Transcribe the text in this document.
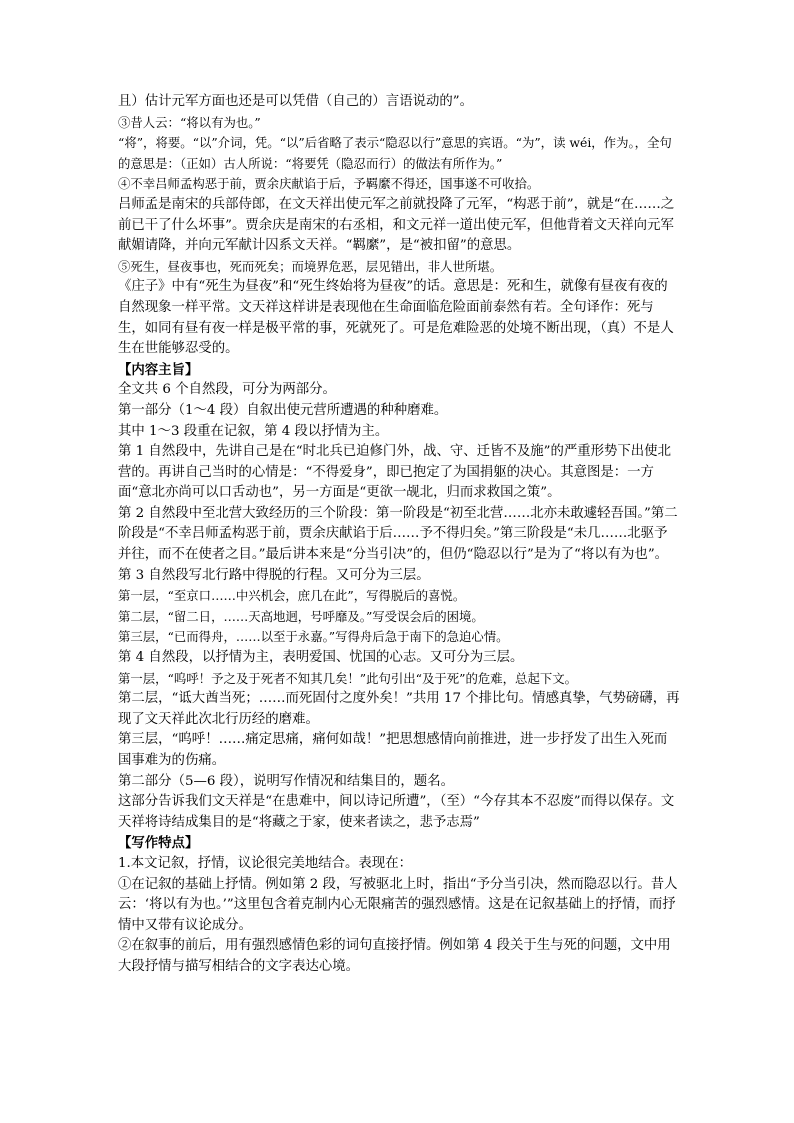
且）估计元军方面也还是可以凭借（自己的）言语说动的”。

③昔人云：“将以有为也。”

“将”，将要。“以”介词，凭。“以”后省略了表示“隐忍以行”意思的宾语。“为”，读 wéi，作为。，全句的意思是：（正如）古人所说：“将要凭（隐忍而行）的做法有所作为。”

④不幸吕师孟构恶于前，贾余庆献谄于后，予羁縻不得还，国事遂不可收拾。

吕师孟是南宋的兵部侍郎，在文天祥出使元军之前就投降了元军，“构恶于前”，就是“在……之前已干了什么坏事”。贾余庆是南宋的右丞相，和文元祥一道出使元军，但他背着文天祥向元军献媚请降，并向元军献计囚系文天祥。“羁縻”，是“被扣留”的意思。

⑤死生，昼夜事也，死而死矣；而境界危恶，层见错出，非人世所堪。

《庄子》中有“死生为昼夜”和“死生终始将为昼夜”的话。意思是：死和生，就像有昼夜有夜的自然现象一样平常。文天祥这样讲是表现他在生命面临危险面前泰然有若。全句译作：死与生，如同有昼有夜一样是极平常的事，死就死了。可是危难险恶的处境不断出现，（真）不是人生在世能够忍受的。

【内容主旨】

全文共 6 个自然段，可分为两部分。

第一部分（1～4 段）自叙出使元营所遭遇的种种磨难。

其中 1～3 段重在记叙，第 4 段以抒情为主。

第 1 自然段中，先讲自己是在“时北兵已迫修门外，战、守、迁皆不及施”的严重形势下出使北营的。再讲自己当时的心情是：“不得爱身”，即已抱定了为国捐躯的决心。其意图是：一方面“意北亦尚可以口舌动也”，另一方面是“更欲一觇北，归而求救国之策”。

第 2 自然段中至北营大致经历的三个阶段：第一阶段是“初至北营……北亦未敢遽轻吾国。”第二阶段是“不幸吕师孟构恶于前，贾余庆献谄于后……予不得归矣。”第三阶段是“未几……北驱予并往，而不在使者之目。”最后讲本来是“分当引决”的，但仍“隐忍以行”是为了“将以有为也”。

第 3 自然段写北行路中得脱的行程。又可分为三层。

第一层，“至京口……中兴机会，庶几在此”，写得脱后的喜悦。

第二层，“留二日，……天高地迥，号呼靡及。”写受误会后的困境。

第三层，“已而得舟，……以至于永嘉。”写得舟后急于南下的急迫心情。

第 4 自然段，以抒情为主，表明爱国、忧国的心志。又可分为三层。

第一层，“呜呼！予之及于死者不知其几矣！”此句引出“及于死”的危难，总起下文。

第二层，“诋大酋当死；……而死固付之度外矣！”共用 17 个排比句。情感真挚，气势磅礴，再现了文天祥此次北行历经的磨难。

第三层，“呜呼！……痛定思痛，痛何如哉！”把思想感情向前推进，进一步抒发了出生入死而国事难为的伤痛。

第二部分（5—6 段），说明写作情况和结集目的，题名。

这部分告诉我们文天祥是“在患难中，间以诗记所遭”，（至）“今存其本不忍废”而得以保存。文天祥将诗结成集目的是“将藏之于家，使来者读之，悲予志焉”

【写作特点】

1.本文记叙，抒情，议论很完美地结合。表现在：

①在记叙的基础上抒情。例如第 2 段，写被驱北上时，指出“予分当引决，然而隐忍以行。昔人云：‘将以有为也。’”这里包含着克制内心无限痛苦的强烈感情。这是在记叙基础上的抒情，而抒情中又带有议论成分。

②在叙事的前后，用有强烈感情色彩的词句直接抒情。例如第 4 段关于生与死的问题，文中用大段抒情与描写相结合的文字表达心境。
